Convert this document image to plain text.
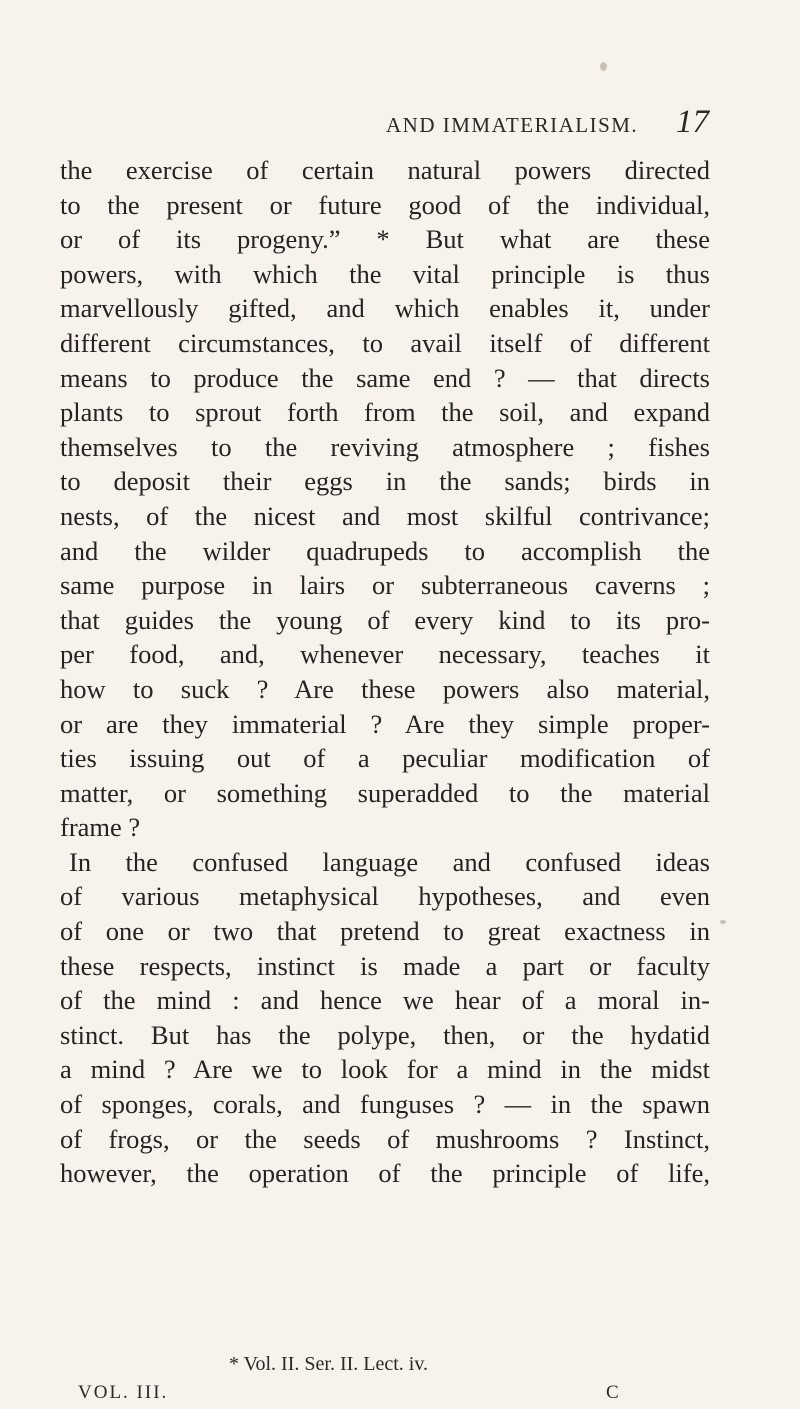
AND IMMATERIALISM. 17
the exercise of certain natural powers directed
to the present or future good of the individual,
or of its progeny.” * But what are these
powers, with which the vital principle is thus
marvellously gifted, and which enables it, under
different circumstances, to avail itself of different
means to produce the same end ? — that directs
plants to sprout forth from the soil, and expand
themselves to the reviving atmosphere ; fishes
to deposit their eggs in the sands; birds in
nests, of the nicest and most skilful contrivance;
and the wilder quadrupeds to accomplish the
same purpose in lairs or subterraneous caverns ;
that guides the young of every kind to its pro-
per food, and, whenever necessary, teaches it
how to suck ? Are these powers also material,
or are they immaterial ? Are they simple proper-
ties issuing out of a peculiar modification of
matter, or something superadded to the material
frame ?
In the confused language and confused ideas
of various metaphysical hypotheses, and even
of one or two that pretend to great exactness in
these respects, instinct is made a part or faculty
of the mind : and hence we hear of a moral in-
stinct. But has the polype, then, or the hydatid
a mind ? Are we to look for a mind in the midst
of sponges, corals, and funguses ? — in the spawn
of frogs, or the seeds of mushrooms ? Instinct,
however, the operation of the principle of life,
* Vol. II. Ser. II. Lect. iv.
VOL. III.	C
